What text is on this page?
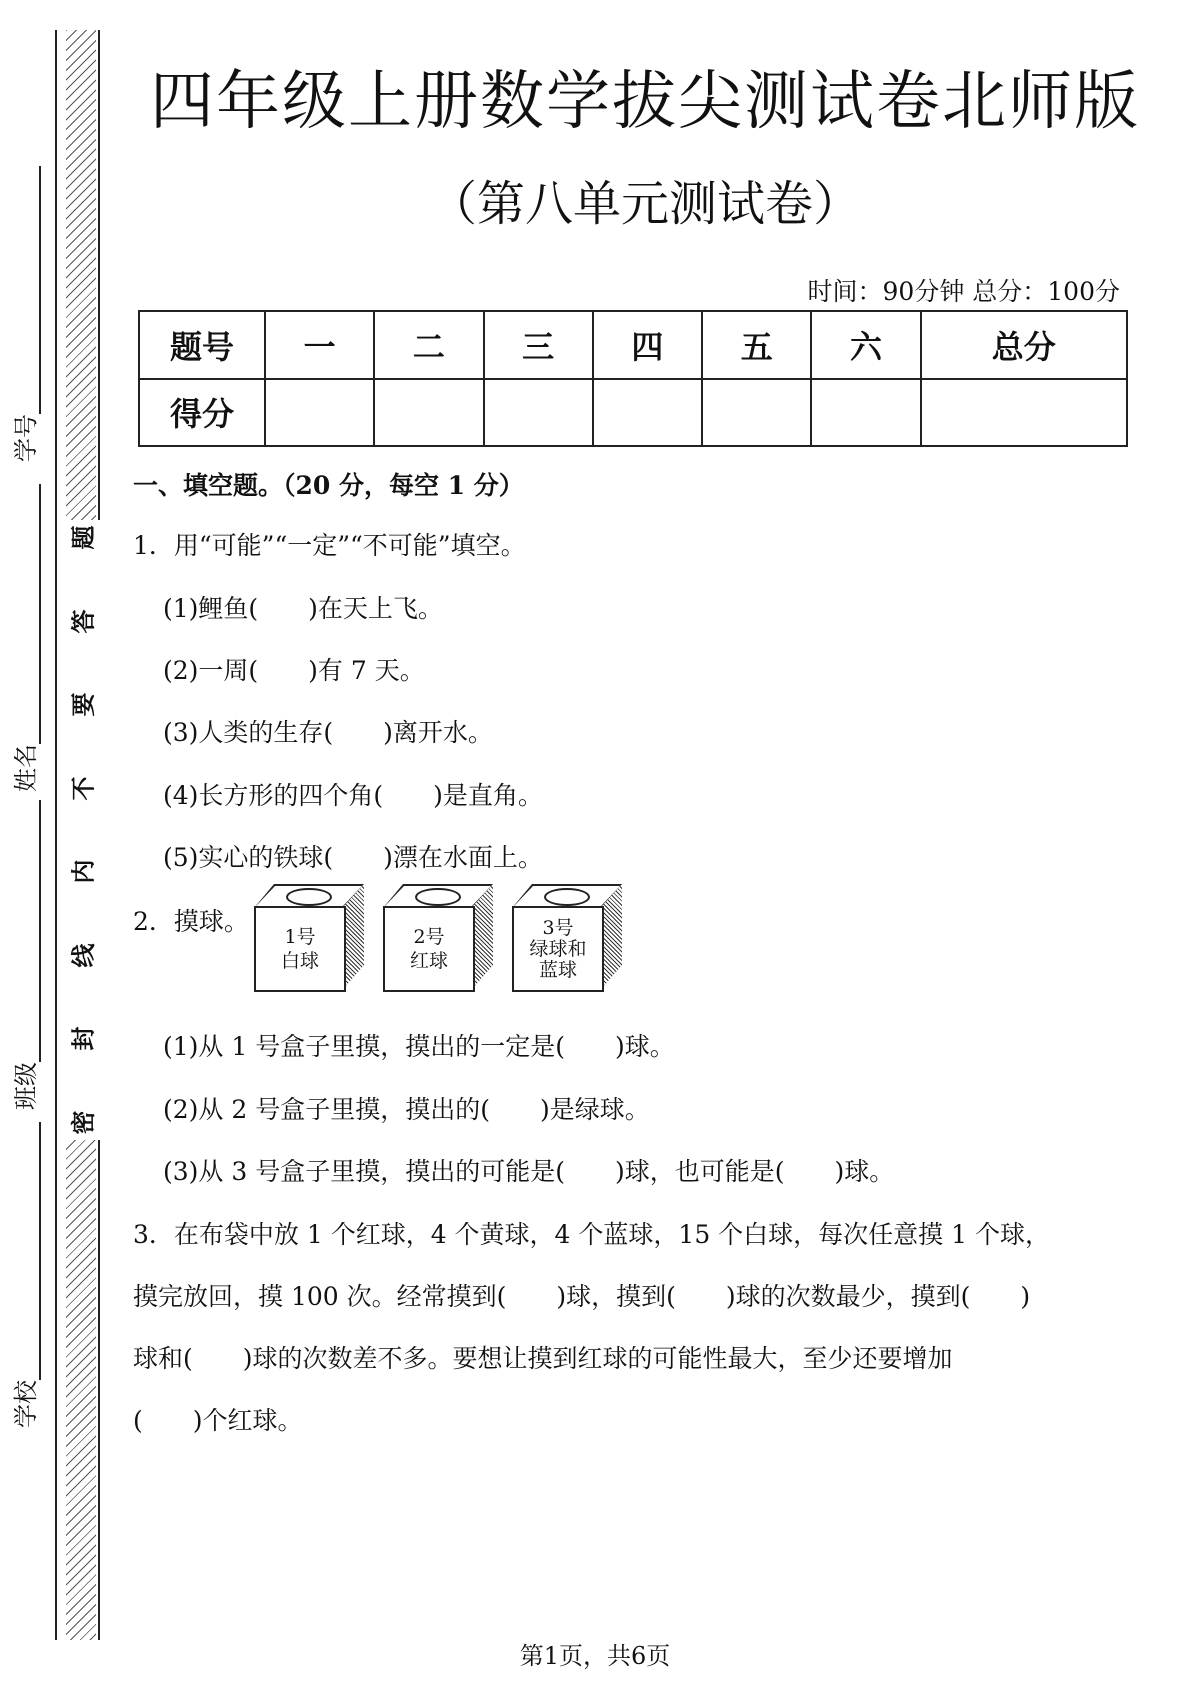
题
答
要
不
内
线
封
密
学校
班级
姓名
学号
四年级上册数学拔尖测试卷北师版
（第八单元测试卷）
时间：90分钟 总分：100分
题号	一	二	三	四	五	六	总分
得分							
一、填空题。（20 分，每空 1 分）
1．用“可能”“一定”“不可能”填空。
(1)鲤鱼(　　)在天上飞。
(2)一周(　　)有 7 天。
(3)人类的生存(　　)离开水。
(4)长方形的四个角(　　)是直角。
(5)实心的铁球(　　)漂在水面上。
2．摸球。
1号
白球
2号
红球
3号
绿球和
蓝球
(1)从 1 号盒子里摸，摸出的一定是(　　)球。
(2)从 2 号盒子里摸，摸出的(　　)是绿球。
(3)从 3 号盒子里摸，摸出的可能是(　　)球，也可能是(　　)球。
3．在布袋中放 1 个红球，4 个黄球，4 个蓝球，15 个白球，每次任意摸 1 个球，
摸完放回，摸 100 次。经常摸到(　　)球，摸到(　　)球的次数最少，摸到(　　)
球和(　　)球的次数差不多。要想让摸到红球的可能性最大，至少还要增加
(　　)个红球。
第1页，共6页
